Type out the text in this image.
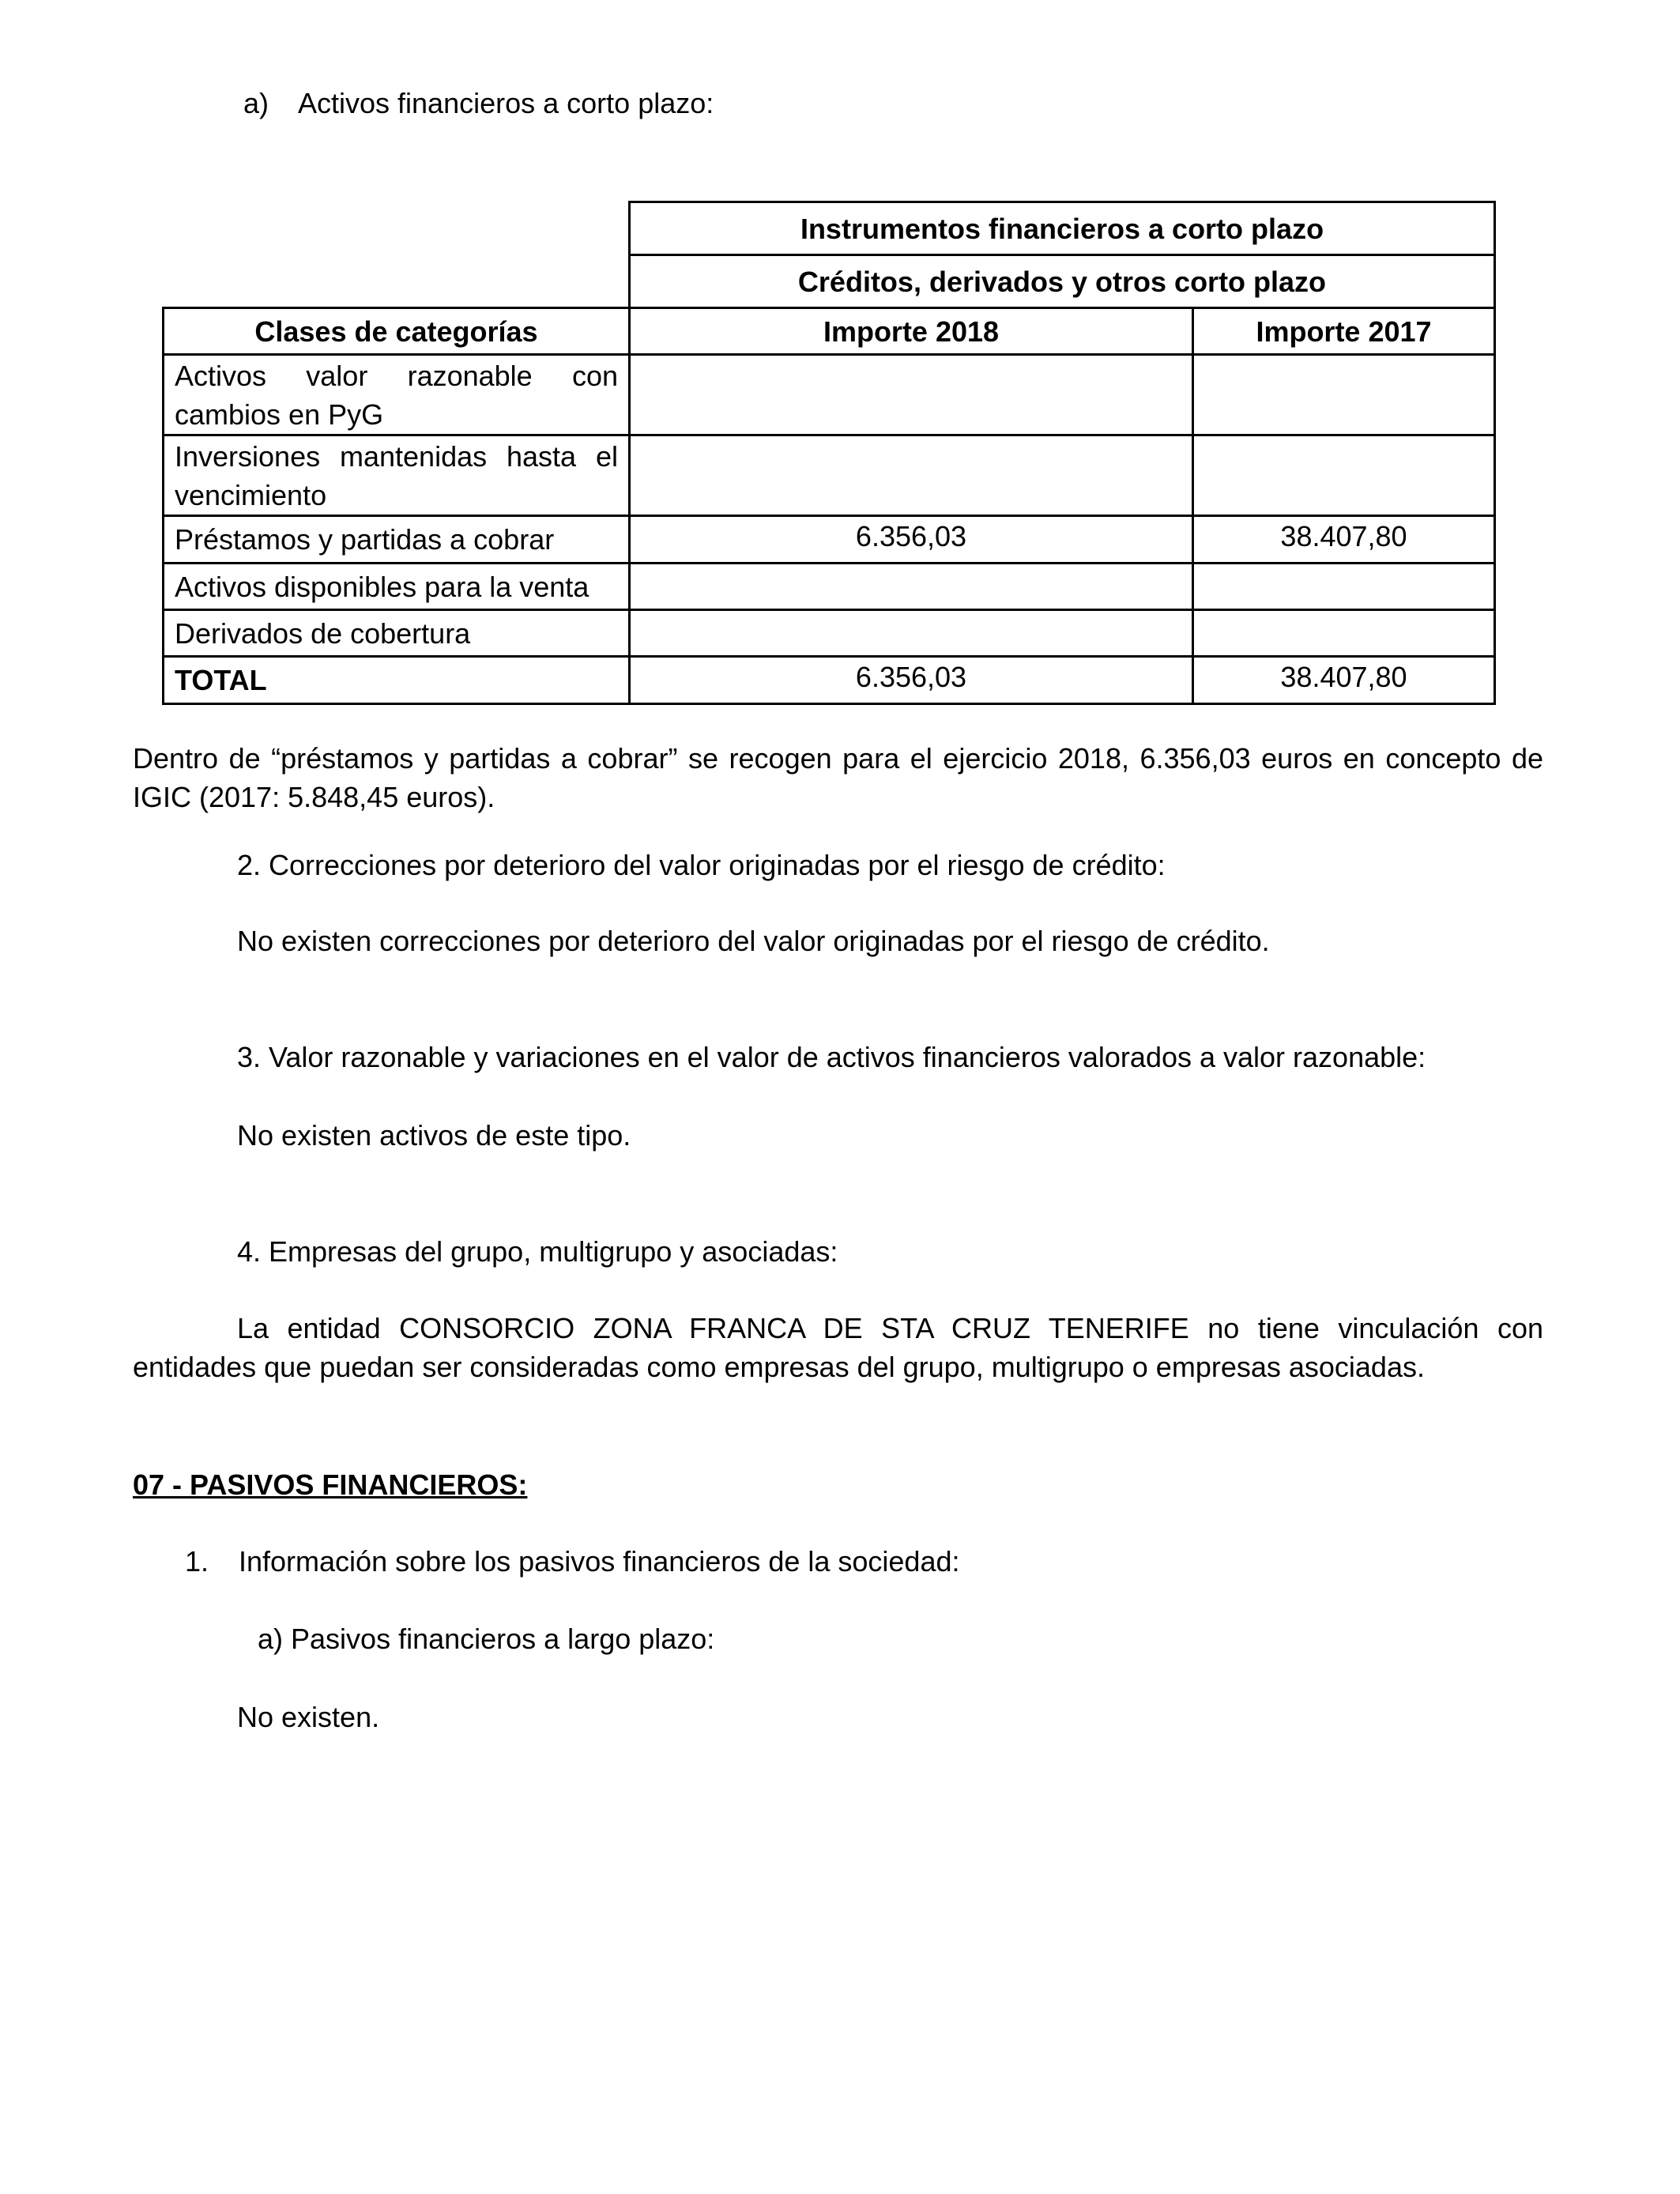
a) Activos financieros a corto plazo:
	Instrumentos financieros a corto plazo	
	Créditos, derivados y otros corto plazo	
Clases de categorías	Importe 2018	Importe 2017

Activos valor razonable con
cambios en PyG		

Inversiones mantenidas hasta el
vencimiento		
Préstamos y partidas a cobrar	6.356,03	38.407,80
Activos disponibles para la venta		
Derivados de cobertura		
TOTAL	6.356,03	38.407,80
Dentro de “préstamos y partidas a cobrar” se recogen para el ejercicio 2018, 6.356,03 euros en concepto de
IGIC (2017: 5.848,45 euros).
2. Correcciones por deterioro del valor originadas por el riesgo de crédito:
No existen correcciones por deterioro del valor originadas por el riesgo de crédito.
3. Valor razonable y variaciones en el valor de activos financieros valorados a valor razonable:
No existen activos de este tipo.
4. Empresas del grupo, multigrupo y asociadas:
La entidad CONSORCIO ZONA FRANCA DE STA CRUZ TENERIFE no tiene vinculación con
entidades que puedan ser consideradas como empresas del grupo, multigrupo o empresas asociadas.
07 - PASIVOS FINANCIEROS:
1. Información sobre los pasivos financieros de la sociedad:
a) Pasivos financieros a largo plazo:
No existen.
